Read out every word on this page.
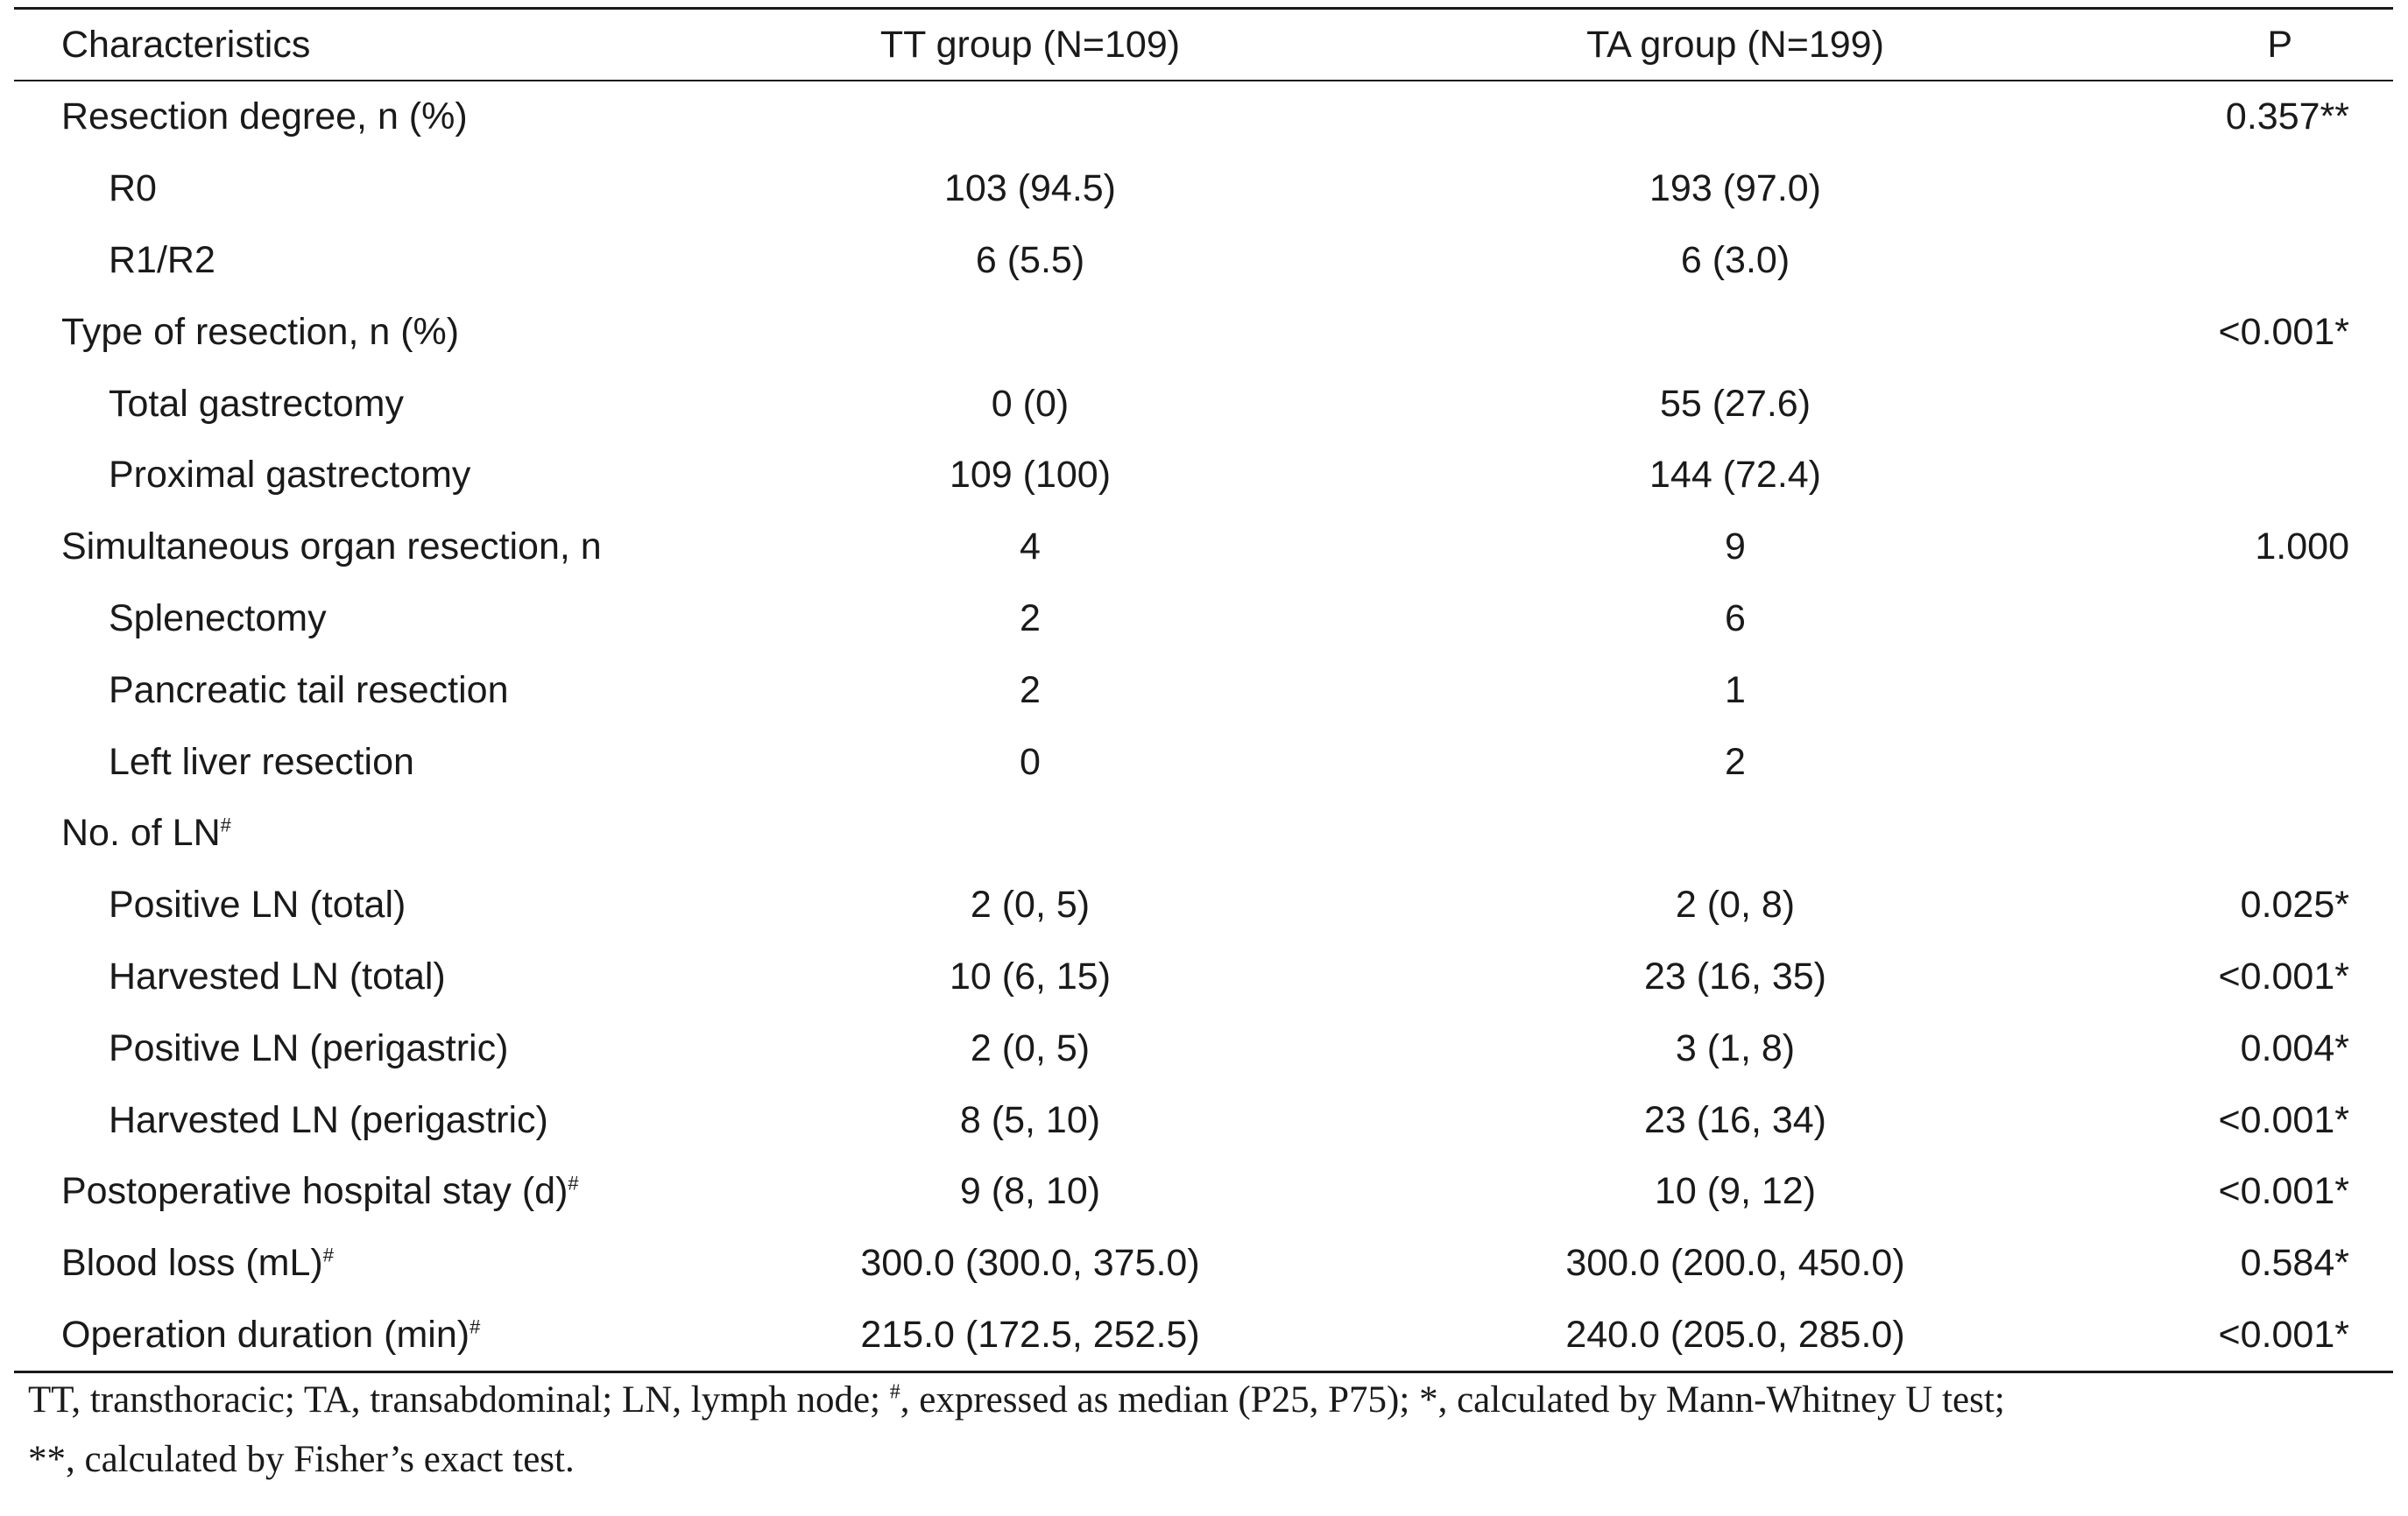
Characteristics	TT group (N=109)	TA group (N=199)	P
Resection degree, n (%)			0.357**
R0	103 (94.5)	193 (97.0)	
R1/R2	6 (5.5)	6 (3.0)	
Type of resection, n (%)			<0.001*
Total gastrectomy	0 (0)	55 (27.6)	
Proximal gastrectomy	109 (100)	144 (72.4)	
Simultaneous organ resection, n	4	9	1.000
Splenectomy	2	6	
Pancreatic tail resection	2	1	
Left liver resection	0	2	
No. of LN#			
Positive LN (total)	2 (0, 5)	2 (0, 8)	0.025*
Harvested LN (total)	10 (6, 15)	23 (16, 35)	<0.001*
Positive LN (perigastric)	2 (0, 5)	3 (1, 8)	0.004*
Harvested LN (perigastric)	8 (5, 10)	23 (16, 34)	<0.001*
Postoperative hospital stay (d)#	9 (8, 10)	10 (9, 12)	<0.001*
Blood loss (mL)#	300.0 (300.0, 375.0)	300.0 (200.0, 450.0)	0.584*
Operation duration (min)#	215.0 (172.5, 252.5)	240.0 (205.0, 285.0)	<0.001*
TT, transthoracic; TA, transabdominal; LN, lymph node; #, expressed as median (P25, P75); *, calculated by Mann-Whitney U test;
**, calculated by Fisher’s exact test.
